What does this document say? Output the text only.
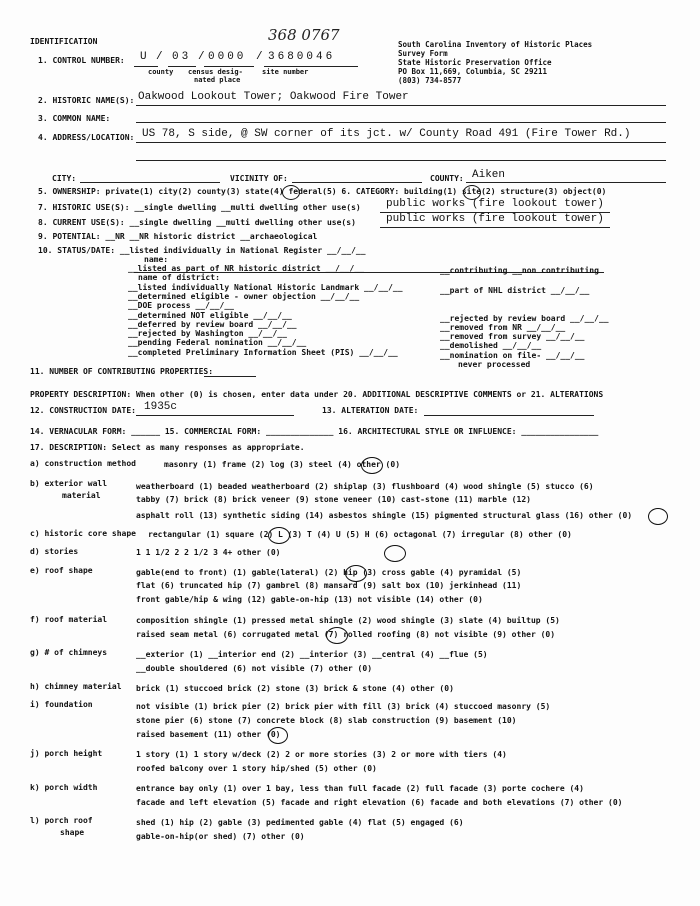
IDENTIFICATION	368 0767
South Carolina Inventory of Historic Places
Survey Form
State Historic Preservation Office
PO Box 11,669, Columbia, SC 29211
(803) 734-8577
1. CONTROL NUMBER: U / 03 / 0000 / 3680046
county census desig-
nated place
site number
2. HISTORIC NAME(S): Oakwood Lookout Tower; Oakwood Fire Tower
3. COMMON NAME:
4. ADDRESS/LOCATION: US 78, S side, @ SW corner of its jct. w/ County Road 491 (Fire Tower Rd.)
CITY:	VICINITY OF:	COUNTY: Aiken
5. OWNERSHIP: private(1) city(2) county(3) state(4) federal(5) 6. CATEGORY: building(1) site(2) structure(3) object(0)
7. HISTORIC USE(S): __single dwelling __multi dwelling other use(s) public works (fire lookout tower)
8. CURRENT USE(S): __single dwelling __multi dwelling other use(s)	public works (fire lookout tower)
9. POTENTIAL: __NR __NR historic district __archaeological
10. STATUS/DATE: __listed individually in National Register __/__/__
name:
__listed as part of NR historic district __/__/__
name of district:
__listed individually National Historic Landmark __/__/__
__determined eligible - owner objection __/__/__
__DOE process __/__/__
__determined NOT eligible __/__/__
__deferred by review board __/__/__
__rejected by Washington __/__/__
__pending Federal nomination __/__/__
__completed Preliminary Information Sheet (PIS) __/__/__
__contributing __non contributing
__part of NHL district __/__/__
__rejected by review board __/__/__
__removed from NR __/__/__
__removed from survey __/__/__
__demolished __/__/__
__nomination on file- __/__/__
never processed
11. NUMBER OF CONTRIBUTING PROPERTIES:
PROPERTY DESCRIPTION: When other (0) is chosen, enter data under 20. ADDITIONAL DESCRIPTIVE COMMENTS or 21. ALTERATIONS
12. CONSTRUCTION DATE: 1935c	13. ALTERATION DATE:
14. VERNACULAR FORM: ______ 15. COMMERCIAL FORM: ______________ 16. ARCHITECTURAL STYLE OR INFLUENCE: ________________
17. DESCRIPTION: Select as many responses as appropriate.
a) construction method	masonry (1) frame (2) log (3) steel (4) other (0)
b) exterior wall
material
weatherboard (1) beaded weatherboard (2) shiplap (3) flushboard (4) wood shingle (5) stucco (6)
tabby (7) brick (8) brick veneer (9) stone veneer (10) cast-stone (11) marble (12)
asphalt roll (13) synthetic siding (14) asbestos shingle (15) pigmented structural glass (16) other (0)
c) historic core shape rectangular (1) square (2) L (3) T (4) U (5) H (6) octagonal (7) irregular (8) other (0)
d) stories	1 1 1/2 2 2 1/2 3 4+ other (0)
e) roof shape	gable(end to front) (1) gable(lateral) (2) hip (3) cross gable (4) pyramidal (5)
flat (6) truncated hip (7) gambrel (8) mansard (9) salt box (10) jerkinhead (11)
front gable/hip & wing (12) gable-on-hip (13) not visible (14) other (0)
f) roof material	composition shingle (1) pressed metal shingle (2) wood shingle (3) slate (4) builtup (5)
raised seam metal (6) corrugated metal (7) rolled roofing (8) not visible (9) other (0)
g) # of chimneys	__exterior (1) __interior end (2) __interior (3) __central (4) __flue (5)
__double shouldered (6) not visible (7) other (0)
h) chimney material brick (1) stuccoed brick (2) stone (3) brick & stone (4) other (0)
i) foundation	not visible (1) brick pier (2) brick pier with fill (3) brick (4) stuccoed masonry (5)
stone pier (6) stone (7) concrete block (8) slab construction (9) basement (10)
raised basement (11) other (0)
j) porch height	1 story (1) 1 story w/deck (2) 2 or more stories (3) 2 or more with tiers (4)
roofed balcony over 1 story hip/shed (5) other (0)
k) porch width	entrance bay only (1) over 1 bay, less than full facade (2) full facade (3) porte cochere (4)
facade and left elevation (5) facade and right elevation (6) facade and both elevations (7) other (0)
l) porch roof
shape
shed (1) hip (2) gable (3) pedimented gable (4) flat (5) engaged (6)
gable-on-hip(or shed) (7) other (0)
